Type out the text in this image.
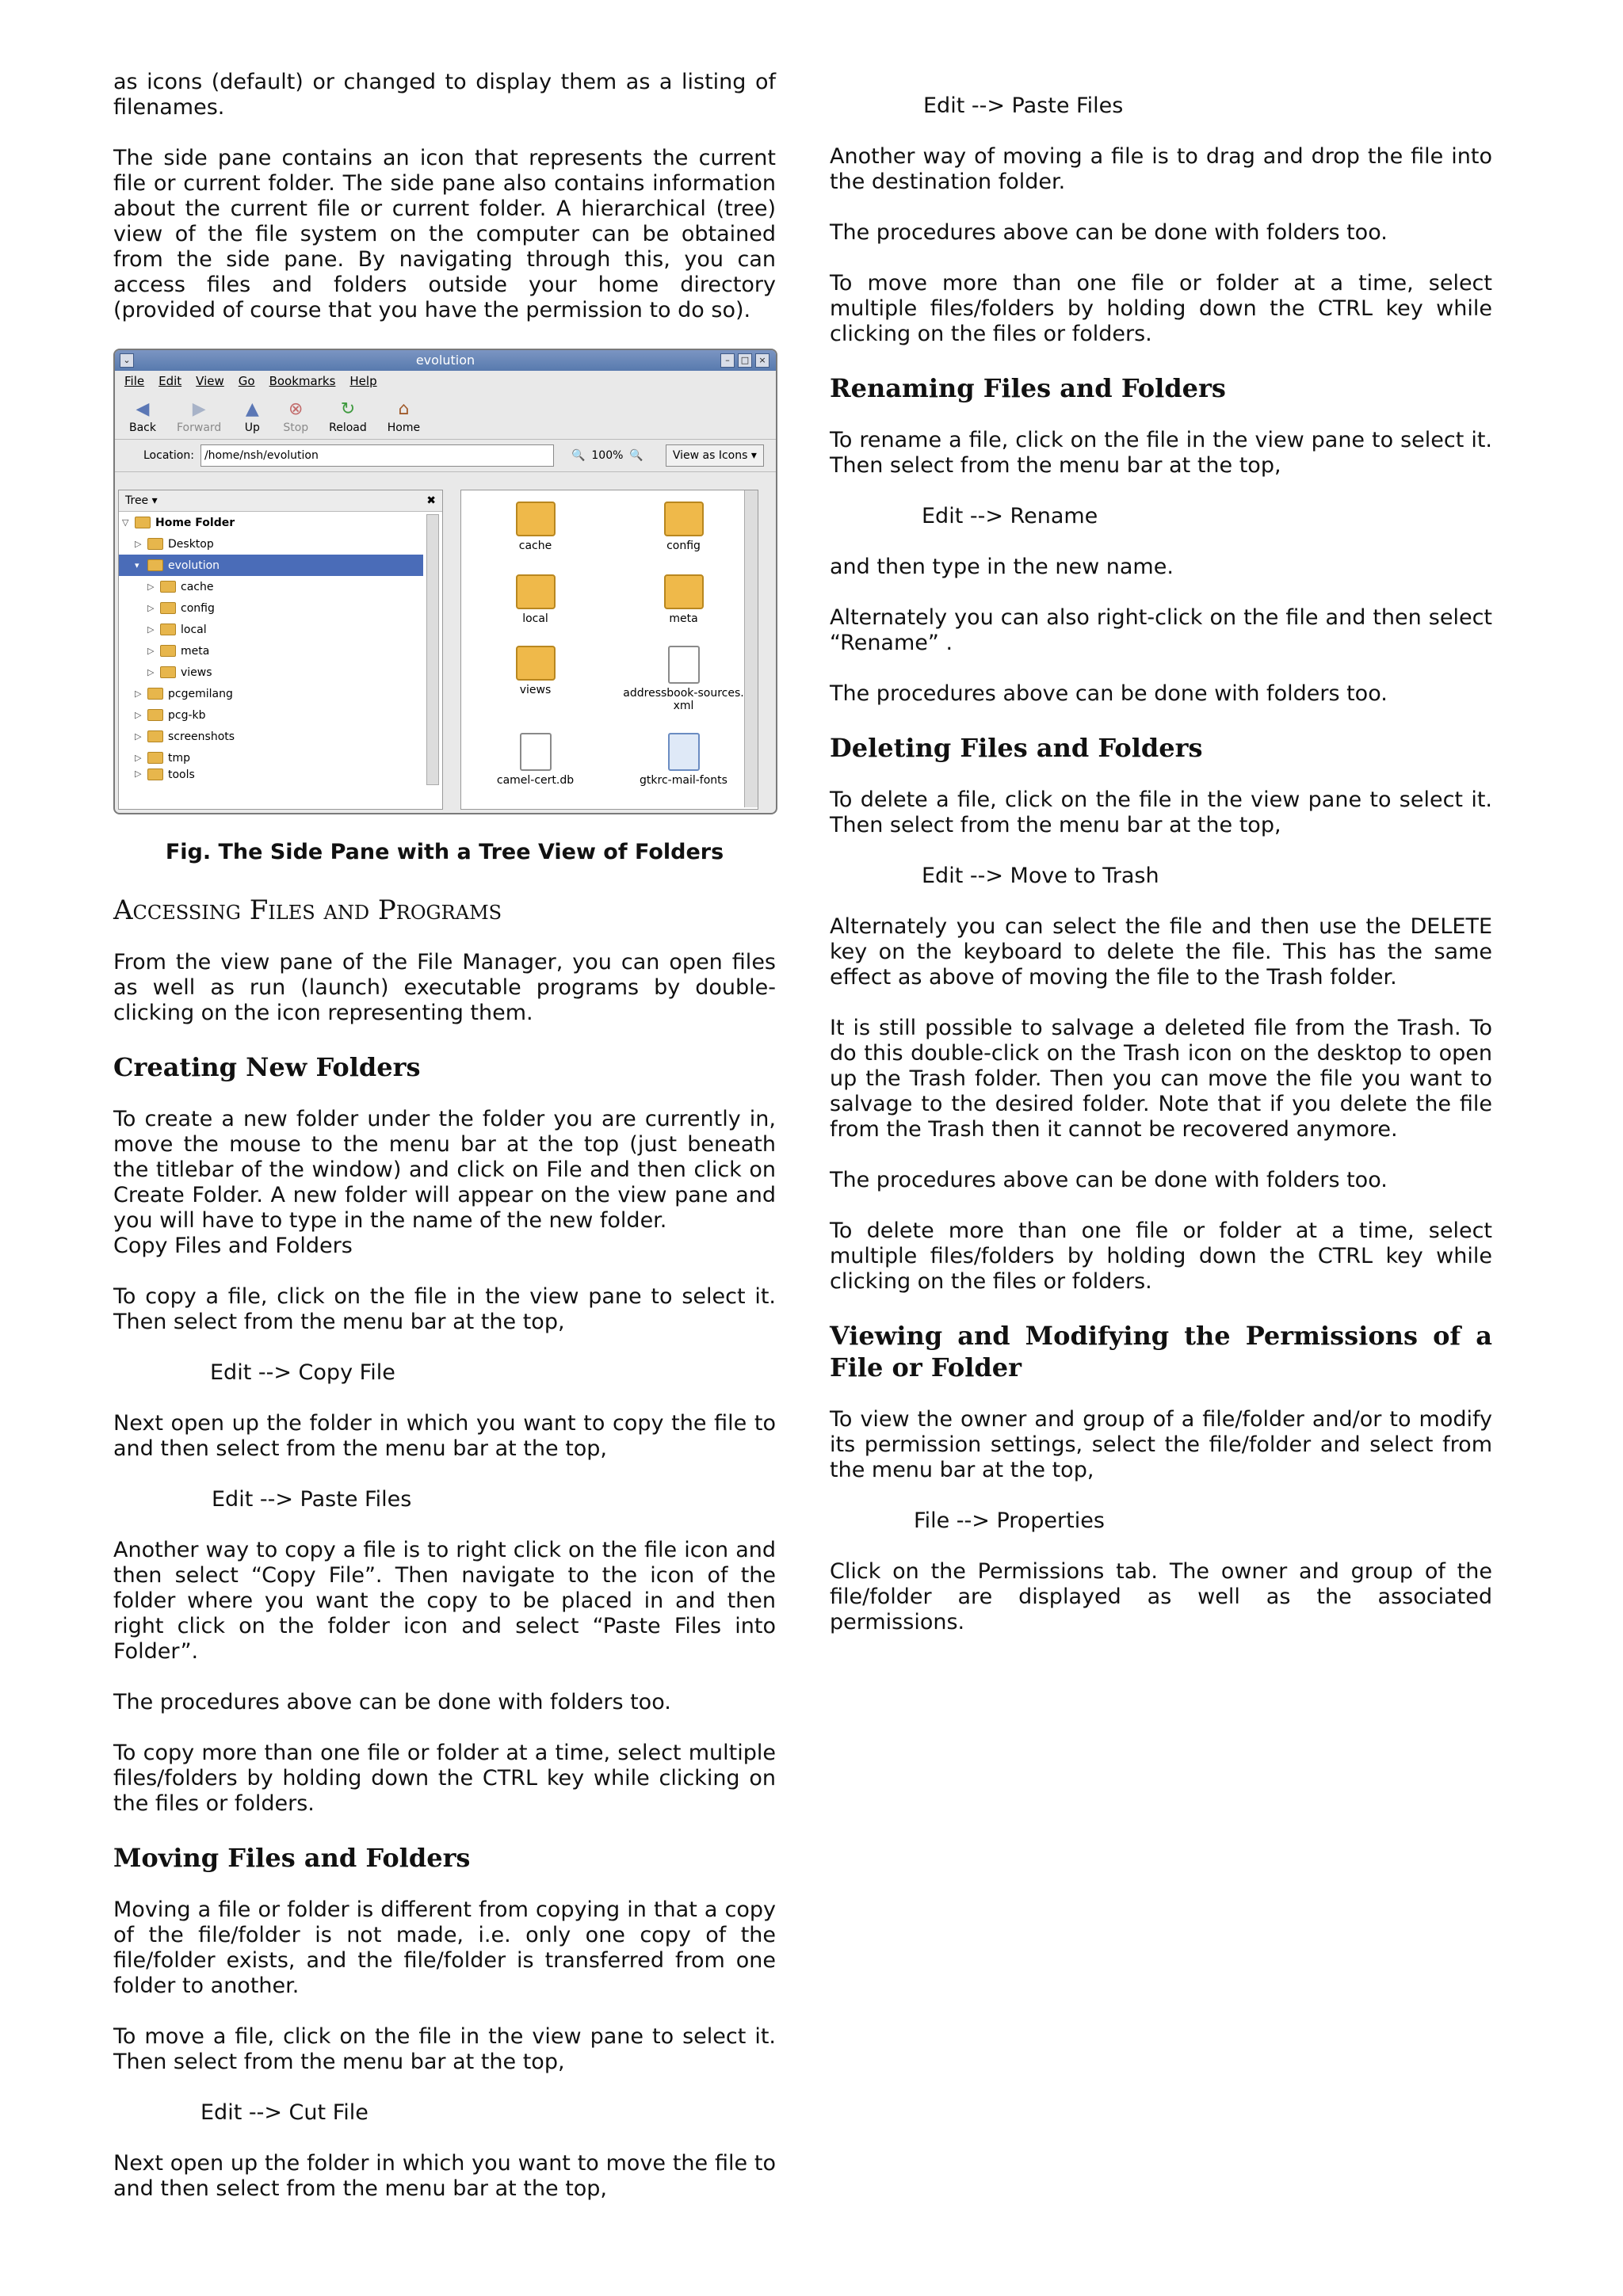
as icons (default) or changed to display them as a listing of filenames.

The side pane contains an icon that represents the current file or current folder. The side pane also contains information about the current file or current folder. A hierarchical (tree) view of the file system on the computer can be obtained from the side pane. By navigating through this, you can access files and folders outside your home directory (provided of course that you have the permission to do so).

⌄	evolution	–	□	×
File Edit View Go Bookmarks Help
◀
Back
▶
Forward
▲
Up
⊗
Stop
↻
Reload
⌂
Home
Location: /home/nsh/evolution	🔍 100% 🔍	View as Icons ▾
Tree ▾	✖
▽ Home Folder
▷ Desktop
▾	evolution
▷ cache
▷ config
▷ local
▷ meta
▷ views
▷ pcgemilang
▷ pcg-kb
▷ screenshots
▷ tmp
▷ tools
cache	config
local	meta
views	addressbook-sources.
xml
camel-cert.db	gtkrc-mail-fonts
Fig. The Side Pane with a Tree View of Folders
Accessing Files and Programs

From the view pane of the File Manager, you can open files as well as run (launch) executable programs by double-clicking on the icon representing them.

Creating New Folders

To create a new folder under the folder you are currently in, move the mouse to the menu bar at the top (just beneath the titlebar of the window) and click on File and then click on Create Folder. A new folder will appear on the view pane and you will have to type in the name of the new folder.

Copy Files and Folders

To copy a file, click on the file in the view pane to select it. Then select from the menu bar at the top,

Edit --> Copy File

Next open up the folder in which you want to copy the file to and then select from the menu bar at the top,

Edit --> Paste Files

Another way to copy a file is to right click on the file icon and then select “Copy File”. Then navigate to the icon of the folder where you want the copy to be placed in and then right click on the folder icon and select “Paste Files into Folder”.

The procedures above can be done with folders too.

To copy more than one file or folder at a time, select multiple files/folders by holding down the CTRL key while clicking on the files or folders.

Moving Files and Folders

Moving a file or folder is different from copying in that a copy of the file/folder is not made, i.e. only one copy of the file/folder exists, and the file/folder is transferred from one folder to another.

To move a file, click on the file in the view pane to select it. Then select from the menu bar at the top,

Edit --> Cut File

Next open up the folder in which you want to move the file to and then select from the menu bar at the top,

Edit --> Paste Files

Another way of moving a file is to drag and drop the file into the destination folder.

The procedures above can be done with folders too.

To move more than one file or folder at a time, select multiple files/folders by holding down the CTRL key while clicking on the files or folders.

Renaming Files and Folders

To rename a file, click on the file in the view pane to select it. Then select from the menu bar at the top,

Edit --> Rename

and then type in the new name.

Alternately you can also right-click on the file and then select “Rename” .

The procedures above can be done with folders too.

Deleting Files and Folders

To delete a file, click on the file in the view pane to select it. Then select from the menu bar at the top,

Edit --> Move to Trash

Alternately you can select the file and then use the DELETE key on the keyboard to delete the file. This has the same effect as above of moving the file to the Trash folder.

It is still possible to salvage a deleted file from the Trash. To do this double-click on the Trash icon on the desktop to open up the Trash folder. Then you can move the file you want to salvage to the desired folder. Note that if you delete the file from the Trash then it cannot be recovered anymore.

The procedures above can be done with folders too.

To delete more than one file or folder at a time, select multiple files/folders by holding down the CTRL key while clicking on the files or folders.

Viewing and Modifying the Permissions of a File or Folder

To view the owner and group of a file/folder and/or to modify its permission settings, select the file/folder and select from the menu bar at the top,

File --> Properties

Click on the Permissions tab. The owner and group of the file/folder are displayed as well as the associated permissions.
